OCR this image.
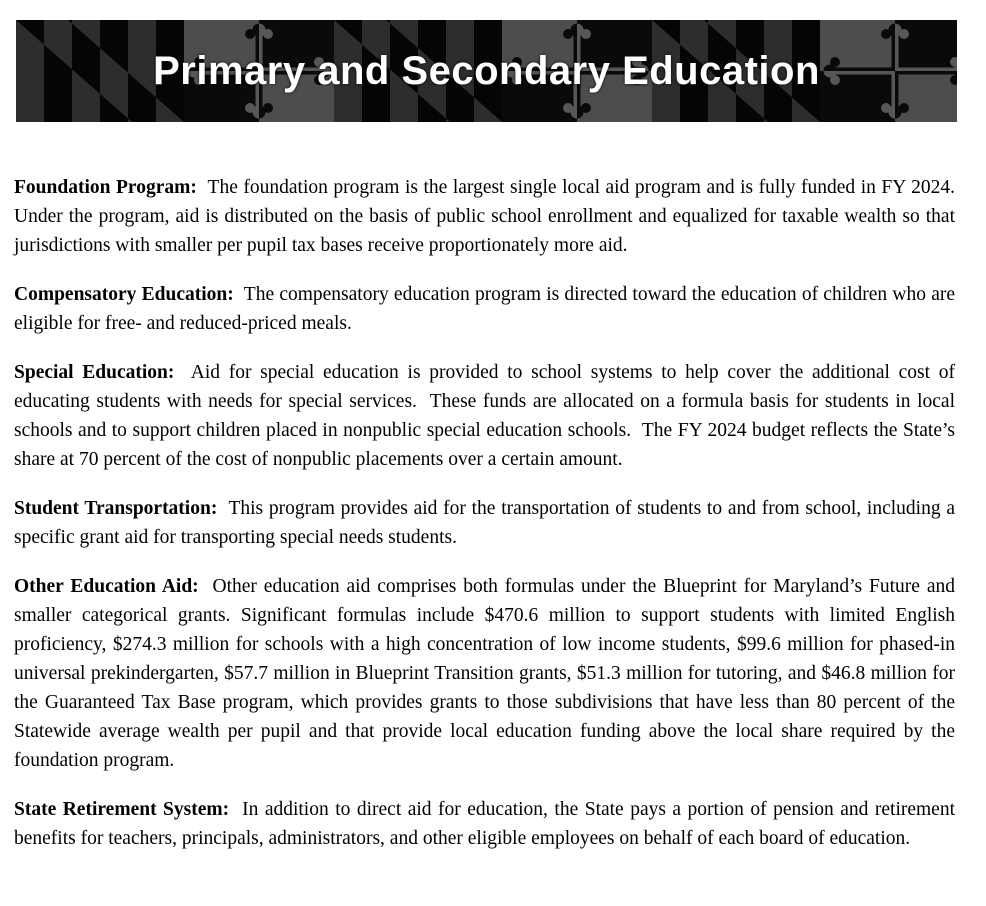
Primary and Secondary Education

Foundation Program:  The foundation program is the largest single local aid program and is fully funded in FY 2024.  Under the program, aid is distributed on the basis of public school enrollment and equalized for taxable wealth so that jurisdictions with smaller per pupil tax bases receive proportionately more aid.

Compensatory Education:  The compensatory education program is directed toward the education of children who are eligible for free- and reduced-priced meals.

Special Education:  Aid for special education is provided to school systems to help cover the additional cost of educating students with needs for special services.  These funds are allocated on a formula basis for students in local schools and to support children placed in nonpublic special education schools.  The FY 2024 budget reflects the State’s share at 70 percent of the cost of nonpublic placements over a certain amount.

Student Transportation:  This program provides aid for the transportation of students to and from school, including a specific grant aid for transporting special needs students.

Other Education Aid:  Other education aid comprises both formulas under the Blueprint for Maryland’s Future and smaller categorical grants. Significant formulas include $470.6 million to support students with limited English proficiency, $274.3 million for schools with a high concentration of low income students, $99.6 million for phased-in universal prekindergarten, $57.7 million in Blueprint Transition grants, $51.3 million for tutoring, and $46.8 million for the Guaranteed Tax Base program, which provides grants to those subdivisions that have less than 80 percent of the Statewide average wealth per pupil and that provide local education funding above the local share required by the foundation program.

State Retirement System:  In addition to direct aid for education, the State pays a portion of pension and retirement benefits for teachers, principals, administrators, and other eligible employees on behalf of each board of education.
